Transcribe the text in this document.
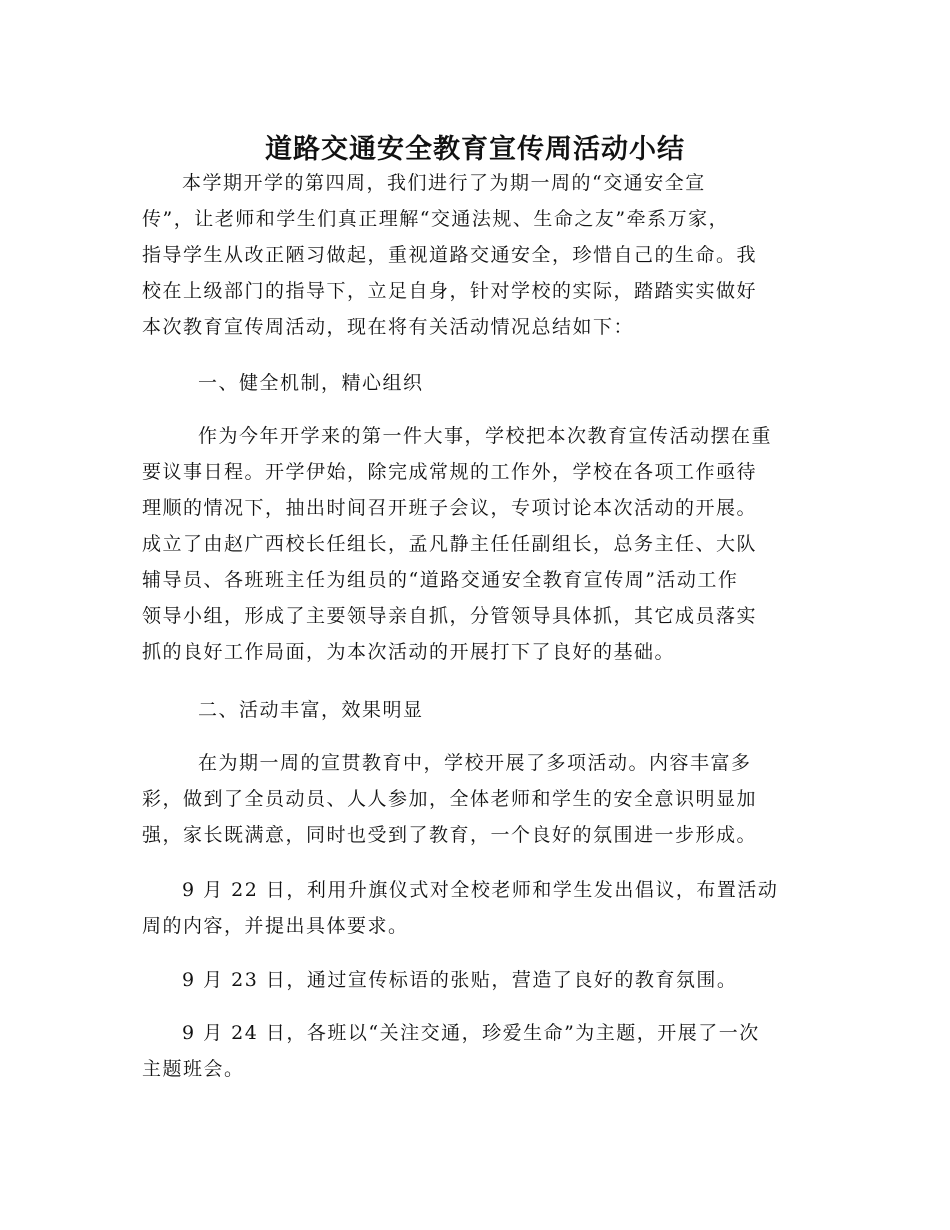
道路交通安全教育宣传周活动小结
本学期开学的第四周，我们进行了为期一周的“交通安全宣
传”，让老师和学生们真正理解“交通法规、生命之友”牵系万家，
指导学生从改正陋习做起，重视道路交通安全，珍惜自己的生命。我
校在上级部门的指导下，立足自身，针对学校的实际，踏踏实实做好
本次教育宣传周活动，现在将有关活动情况总结如下：
一、健全机制，精心组织
作为今年开学来的第一件大事，学校把本次教育宣传活动摆在重
要议事日程。开学伊始，除完成常规的工作外，学校在各项工作亟待
理顺的情况下，抽出时间召开班子会议，专项讨论本次活动的开展。
成立了由赵广西校长任组长，孟凡静主任任副组长，总务主任、大队
辅导员、各班班主任为组员的“道路交通安全教育宣传周”活动工作
领导小组，形成了主要领导亲自抓，分管领导具体抓，其它成员落实
抓的良好工作局面，为本次活动的开展打下了良好的基础。
二、活动丰富，效果明显
在为期一周的宣贯教育中，学校开展了多项活动。内容丰富多
彩，做到了全员动员、人人参加，全体老师和学生的安全意识明显加
强，家长既满意，同时也受到了教育，一个良好的氛围进一步形成。
9 月 22 日，利用升旗仪式对全校老师和学生发出倡议，布置活动
周的内容，并提出具体要求。
9 月 23 日，通过宣传标语的张贴，营造了良好的教育氛围。
9 月 24 日，各班以“关注交通，珍爱生命”为主题，开展了一次
主题班会。
